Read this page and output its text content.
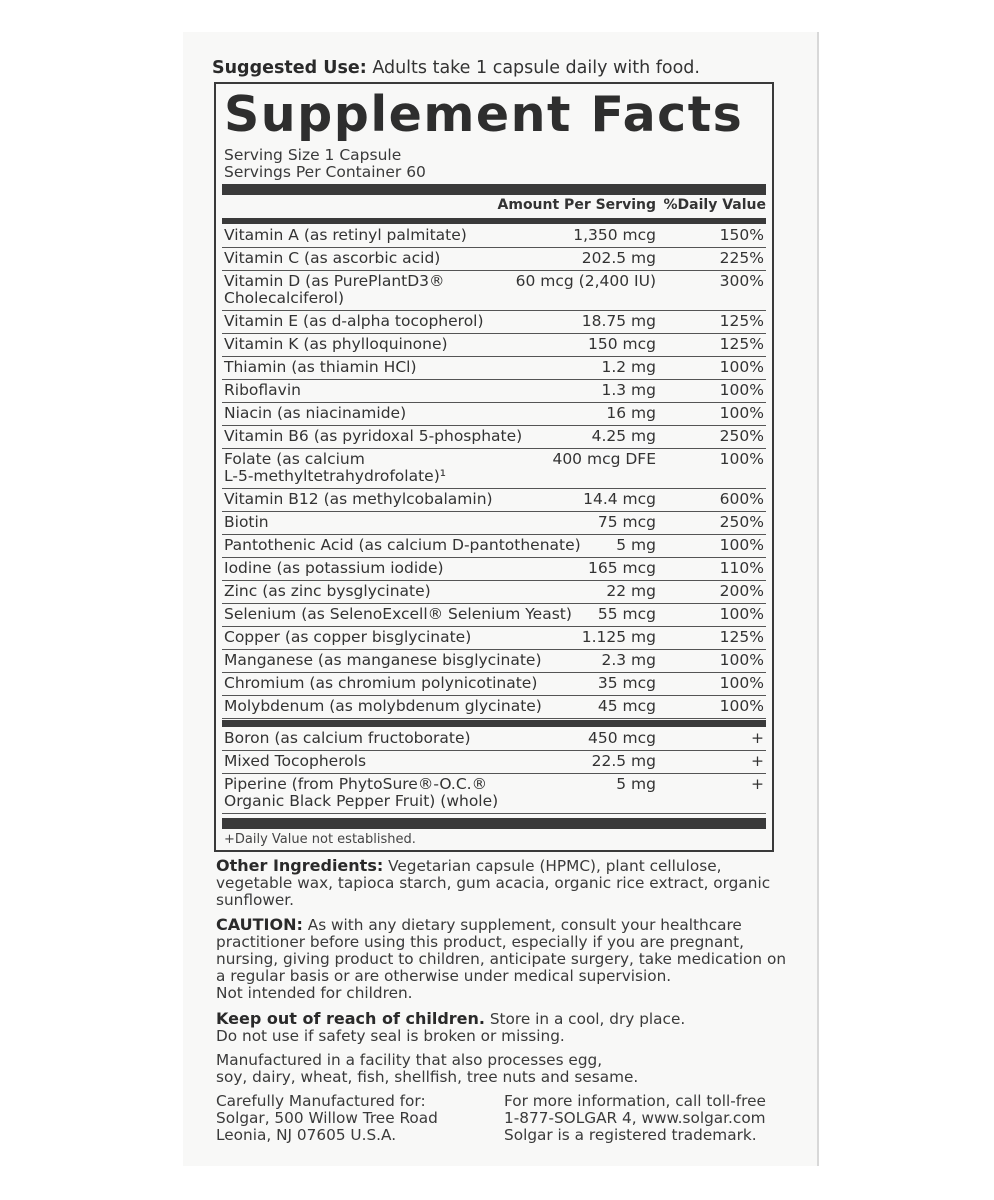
Suggested Use: Adults take 1 capsule daily with food.
Supplement Facts
Serving Size 1 Capsule
Servings Per Container 60
Amount Per Serving %Daily Value
Vitamin A (as retinyl palmitate)	1,350 mcg	150%
Vitamin C (as ascorbic acid)	202.5 mg	225%
Vitamin D (as PurePlantD3®
Cholecalciferol)
60 mcg (2,400 IU)	300%
Vitamin E (as d-alpha tocopherol)	18.75 mg	125%
Vitamin K (as phylloquinone)	150 mcg	125%
Thiamin (as thiamin HCl)	1.2 mg	100%
Riboflavin	1.3 mg	100%
Niacin (as niacinamide)	16 mg	100%
Vitamin B6 (as pyridoxal 5-phosphate)	4.25 mg	250%
Folate (as calcium
L-5-methyltetrahydrofolate)¹
400 mcg DFE	100%
Vitamin B12 (as methylcobalamin)	14.4 mcg	600%
Biotin	75 mcg	250%
Pantothenic Acid (as calcium D-pantothenate) 5 mg	100%
Iodine (as potassium iodide)	165 mcg	110%
Zinc (as zinc bysglycinate)	22 mg	200%
Selenium (as SelenoExcell® Selenium Yeast) 55 mcg	100%
Copper (as copper bisglycinate)	1.125 mg	125%
Manganese (as manganese bisglycinate)	2.3 mg	100%
Chromium (as chromium polynicotinate)	35 mcg	100%
Molybdenum (as molybdenum glycinate)	45 mcg	100%
Boron (as calcium fructoborate)	450 mcg	+
Mixed Tocopherols	22.5 mg	+
Piperine (from PhytoSure®-O.C.®
Organic Black Pepper Fruit) (whole)
5 mg	+
+Daily Value not established.
Other Ingredients: Vegetarian capsule (HPMC), plant cellulose, vegetable wax, tapioca starch, gum acacia, organic rice extract, organic sunflower.
CAUTION: As with any dietary supplement, consult your healthcare practitioner before using this product, especially if you are pregnant, nursing, giving product to children, anticipate surgery, take medication on a regular basis or are otherwise under medical supervision.
Not intended for children.
Keep out of reach of children. Store in a cool, dry place.
Do not use if safety seal is broken or missing.
Manufactured in a facility that also processes egg,
soy, dairy, wheat, fish, shellfish, tree nuts and sesame.
Carefully Manufactured for:
Solgar, 500 Willow Tree Road
Leonia, NJ 07605 U.S.A.
For more information, call toll-free
1-877-SOLGAR 4, www.solgar.com
Solgar is a registered trademark.
